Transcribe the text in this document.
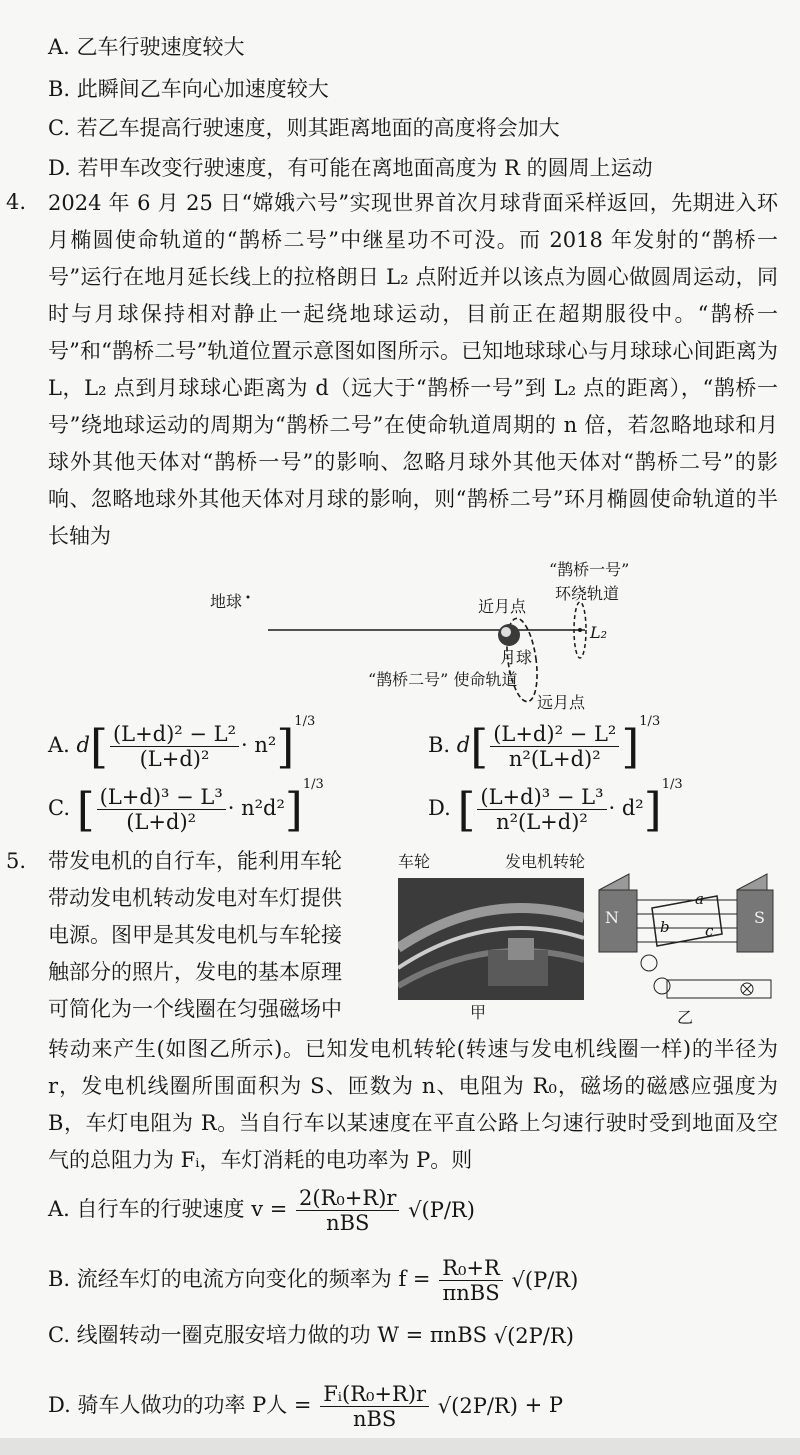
A. 乙车行驶速度较大
B. 此瞬间乙车向心加速度较大
C. 若乙车提高行驶速度，则其距离地面的高度将会加大
D. 若甲车改变行驶速度，有可能在离地面高度为 R 的圆周上运动
4. 2024 年 6 月 25 日“嫦娥六号”实现世界首次月球背面采样返回，先期进入环月椭圆使命轨道的“鹊桥二号”中继星功不可没。而 2018 年发射的“鹊桥一号”运行在地月延长线上的拉格朗日 L₂ 点附近并以该点为圆心做圆周运动，同时与月球保持相对静止一起绕地球运动，目前正在超期服役中。“鹊桥一号”和“鹊桥二号”轨道位置示意图如图所示。已知地球球心与月球球心间距离为 L，L₂ 点到月球球心距离为 d（远大于“鹊桥一号”到 L₂ 点的距离），“鹊桥一号”绕地球运动的周期为“鹊桥二号”在使命轨道周期的 n 倍，若忽略地球和月球外其他天体对“鹊桥一号”的影响、忽略月球外其他天体对“鹊桥二号”的影响、忽略地球外其他天体对月球的影响，则“鹊桥二号”环月椭圆使命轨道的半长轴为
地球
“鹊桥一号”
环绕轨道
近月点
L₂
月球
“鹊桥二号” 使命轨道
远月点
A. $d[ \frac{\text{(L+d)² − L²}}{\text{(L+d)²}} \cdot n^2]^{1/3}$
B. $d[ \frac{\text{(L+d)² − L²}}{\text{n²(L+d)²}} ]^{1/3}$
C. [ $\frac{\text{(L+d)³ − L³}}{\text{(L+d)²}} \cdot n^2d^2]^{1/3}$
D. [ $\frac{\text{(L+d)³ − L³}}{\text{n²(L+d)²}} \cdot d^2]^{1/3}$
5. 带发电机的自行车，能利用车轮
带动发电机转动发电对车灯提供
电源。图甲是其发电机与车轮接
触部分的照片，发电的基本原理
可简化为一个线圈在匀强磁场中
转动来产生(如图乙所示)。已知发电机转轮(转速与发电机线圈一样)的半径为 r，发电机线圈所围面积为 S、匝数为 n、电阻为 R₀，磁场的磁感应强度为 B，车灯电阻为 R。当自行车以某速度在平直公路上匀速行驶时受到地面及空气的总阻力为 Fᵢ，车灯消耗的电功率为 P。则
车轮	发电机转轮
甲
N	S
a
b c
乙
A. 自行车的行驶速度 $v = \frac{\text{2(R₀+R)r}}{\text{nBS}} √(P/R)$
B. 流经车灯的电流方向变化的频率为 $f = \frac{\text{R₀+R}}{\text{πnBS}} √(P/R)$
C. 线圈转动一圈克服安培力做的功 W = πnBS √(2P/R)
D. 骑车人做功的功率 P人 = $\frac{\text{Fᵢ(R₀+R)r}}{\text{nBS}} √(2P/R) + P$
